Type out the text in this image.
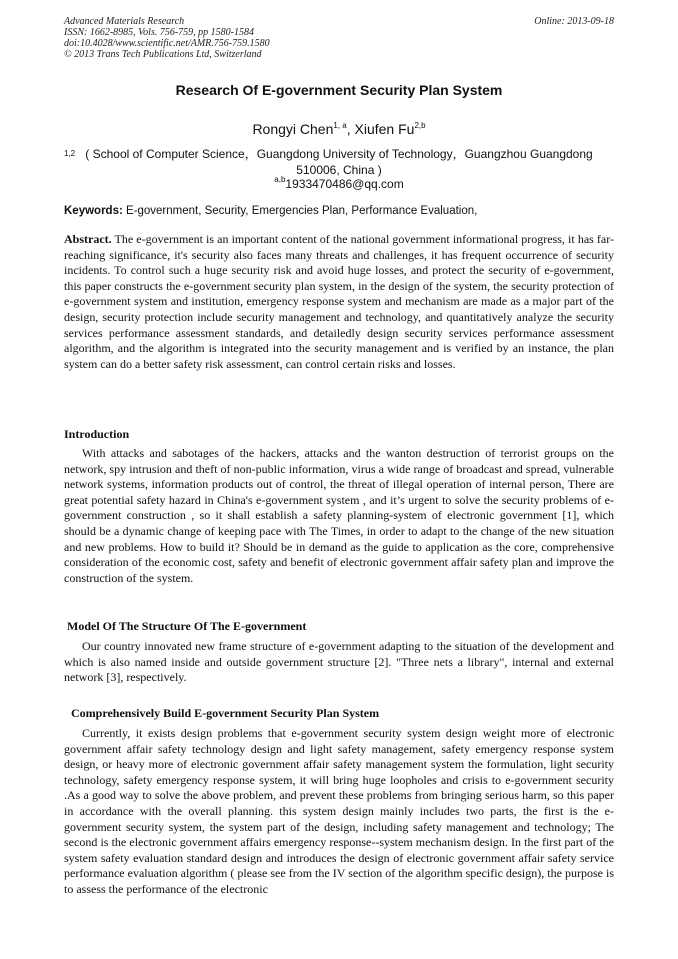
Advanced Materials Research
ISSN: 1662-8985, Vols. 756-759, pp 1580-1584
doi:10.4028/www.scientific.net/AMR.756-759.1580
© 2013 Trans Tech Publications Ltd, Switzerland
Online: 2013-09-18
Research Of E-government Security Plan System
Rongyi Chen$^{1, a}$, Xiufen Fu$^{2,b}$
1,2 ( School of Computer Science，Guangdong University of Technology，Guangzhou Guangdong 510006, China )
$^{a,b}$1933470486@qq.com
Keywords: E-government, Security, Emergencies Plan, Performance Evaluation,
Abstract. The e-government is an important content of the national government informational progress, it has far-reaching significance, it's security also faces many threats and challenges, it has frequent occurrence of security incidents. To control such a huge security risk and avoid huge losses, and protect the security of e-government, this paper constructs the e-government security plan system, in the design of the system, the security protection of e-government system and institution, emergency response system and mechanism are made as a major part of the design, security protection include security management and technology, and quantitatively analyze the security services performance assessment standards, and detailedly design security services performance assessment algorithm, and the algorithm is integrated into the security management and is verified by an instance, the plan system can do a better safety risk assessment, can control certain risks and losses.
Introduction
With attacks and sabotages of the hackers, attacks and the wanton destruction of terrorist groups on the network, spy intrusion and theft of non-public information, virus a wide range of broadcast and spread, vulnerable network systems, information products out of control, the threat of illegal operation of internal person, There are great potential safety hazard in China's e-government system , and it’s urgent to solve the security problems of e-government construction , so it shall establish a safety planning-system of electronic government [1], which should be a dynamic change of keeping pace with The Times, in order to adapt to the change of the new situation and new problems. How to build it? Should be in demand as the guide to application as the core, comprehensive consideration of the economic cost, safety and benefit of electronic government affair safety plan and improve the construction of the system.
Model Of The Structure Of The E-government
Our country innovated new frame structure of e-government adapting to the situation of the development and which is also named inside and outside government structure [2]. "Three nets a library", internal and external network [3], respectively.
Comprehensively Build E-government Security Plan System
Currently, it exists design problems that e-government security system design weight more of electronic government affair safety technology design and light safety management, safety emergency response system design, or heavy more of electronic government affair safety management system the formulation, light security technology, safety emergency response system, it will bring huge loopholes and crisis to e-government security .As a good way to solve the above problem, and prevent these problems from bringing serious harm, so this paper in accordance with the overall planning. this system design mainly includes two parts, the first is the e-government security system, the system part of the design, including safety management and technology; The second is the electronic government affairs emergency response--system mechanism design. In the first part of the system safety evaluation standard design and introduces the design of electronic government affair safety service performance evaluation algorithm ( please see from the IV section of the algorithm specific design), the purpose is to assess the performance of the electronic
